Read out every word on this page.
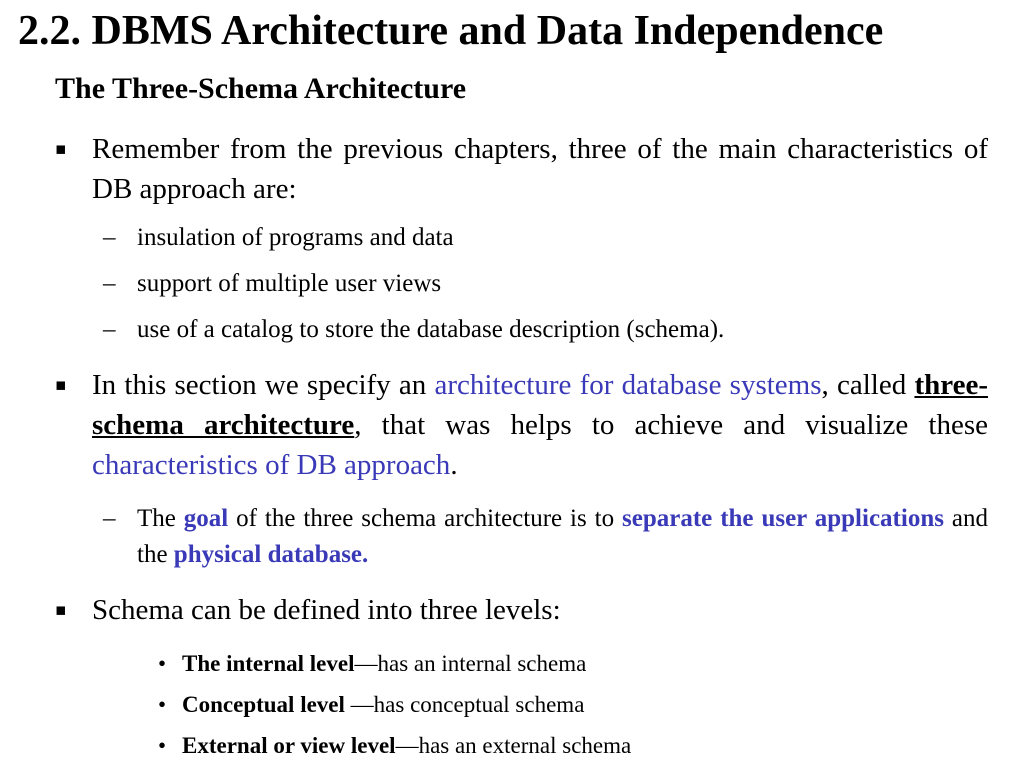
2.2. DBMS Architecture and Data Independence
The Three-Schema Architecture
▪ Remember from the previous chapters, three of the main characteristics of DB approach are:
– insulation of programs and data
– support of multiple user views
– use of a catalog to store the database description (schema).
▪ In this section we specify an architecture for database systems, called three-schema architecture, that was helps to achieve and visualize these characteristics of DB approach.
– The goal of the three schema architecture is to separate the user applications and the physical database.
▪ Schema can be defined into three levels:
• The internal level—has an internal schema
• Conceptual level —has conceptual schema
• External or view level—has an external schema
